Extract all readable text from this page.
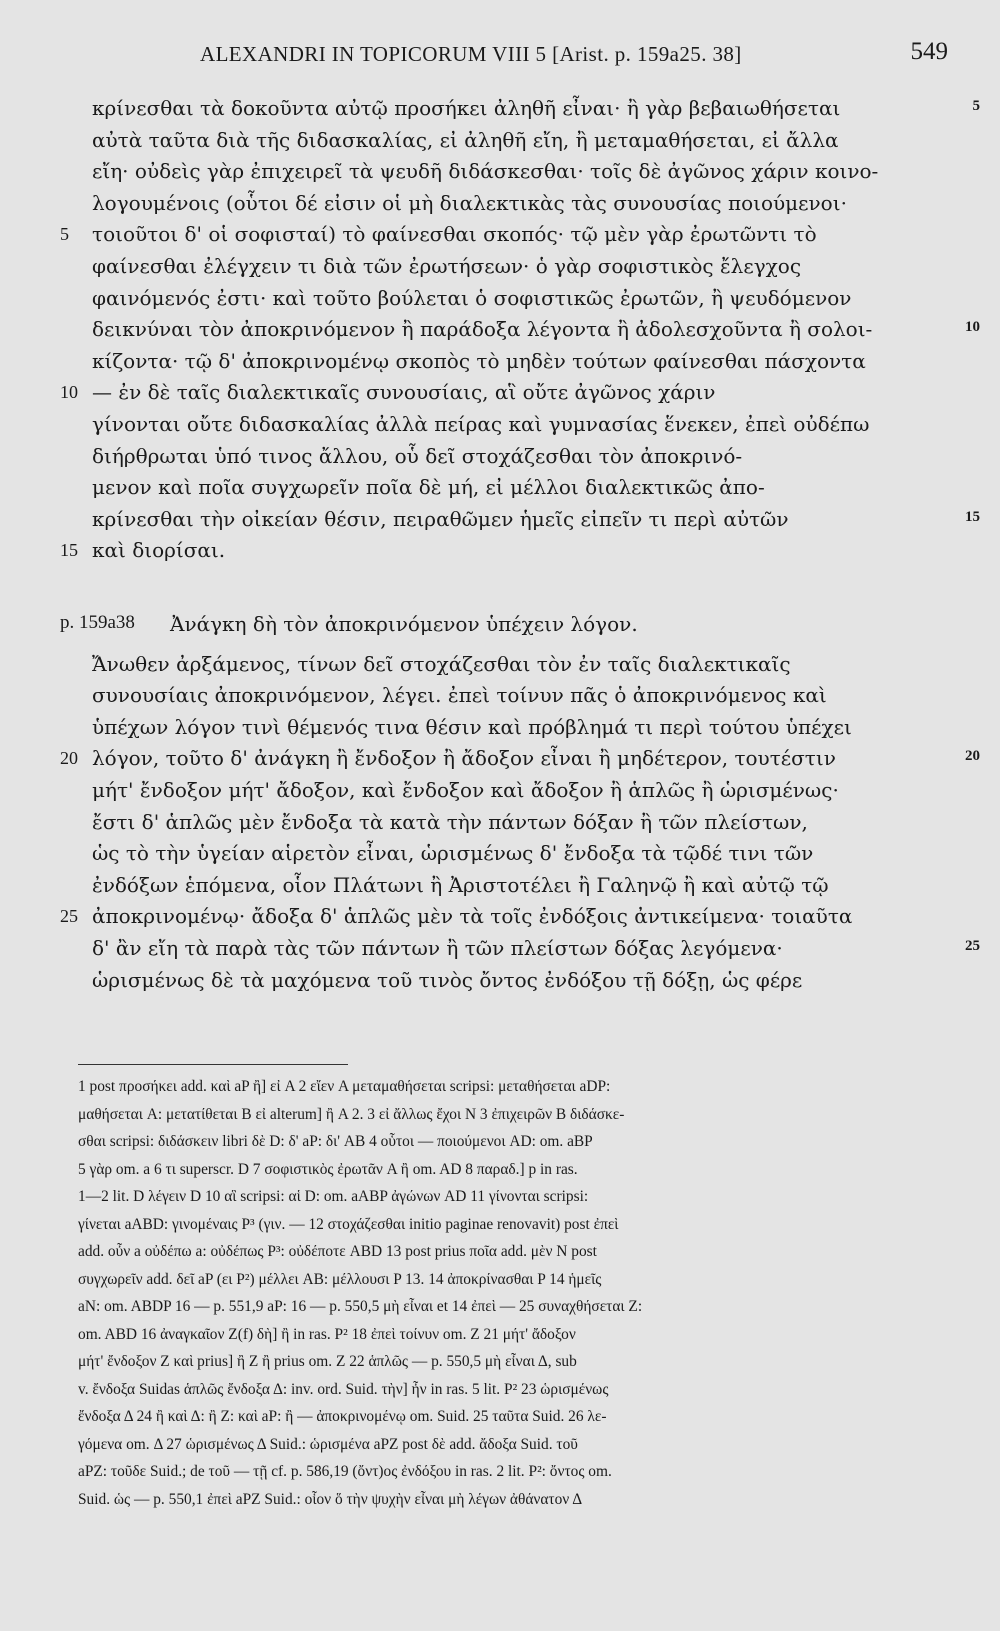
ALEXANDRI IN TOPICORUM VIII 5 [Arist. p. 159a25. 38]	549
κρίνεσθαι τὰ δοκοῦντα αὐτῷ προσήκει ἀληθῆ εἶναι· ἢ γὰρ βεβαιωθήσεται	5
αὐτὰ ταῦτα διὰ τῆς διδασκαλίας, εἰ ἀληθῆ εἴη, ἢ μεταμαθήσεται, εἰ ἄλλα
εἴη· οὐδεὶς γὰρ ἐπιχειρεῖ τὰ ψευδῆ διδάσκεσθαι· τοῖς δὲ ἀγῶνος χάριν κοινο-
λογουμένοις (οὗτοι δέ εἰσιν οἱ μὴ διαλεκτικὰς τὰς συνουσίας ποιούμενοι·
5 τοιοῦτοι δ' οἱ σοφισταί) τὸ φαίνεσθαι σκοπός· τῷ μὲν γὰρ ἐρωτῶντι τὸ
φαίνεσθαι ἐλέγχειν τι διὰ τῶν ἐρωτήσεων· ὁ γὰρ σοφιστικὸς ἔλεγχος
φαινόμενός ἐστι· καὶ τοῦτο βούλεται ὁ σοφιστικῶς ἐρωτῶν, ἢ ψευδόμενον
δεικνύναι τὸν ἀποκρινόμενον ἢ παράδοξα λέγοντα ἢ ἀδολεσχοῦντα ἢ σολοι-	10
κίζοντα· τῷ δ' ἀποκρινομένῳ σκοπὸς τὸ μηδὲν τούτων φαίνεσθαι πάσχοντα
10 — ἐν δὲ ταῖς διαλεκτικαῖς συνουσίαις, αἳ οὔτε ἀγῶνος χάριν
γίνονται οὔτε διδασκαλίας ἀλλὰ πείρας καὶ γυμνασίας ἕνεκεν, ἐπεὶ οὐδέπω
διήρθρωται ὑπό τινος ἄλλου, οὗ δεῖ στοχάζεσθαι τὸν ἀποκρινό-
μενον καὶ ποῖα συγχωρεῖν ποῖα δὲ μή, εἰ μέλλοι διαλεκτικῶς ἀπο-
κρίνεσθαι τὴν οἰκείαν θέσιν, πειραθῶμεν ἡμεῖς εἰπεῖν τι περὶ αὐτῶν	15
15 καὶ διορίσαι.
p. 159a38 Ἀνάγκη δὴ τὸν ἀποκρινόμενον ὑπέχειν λόγον.
Ἄνωθεν ἀρξάμενος, τίνων δεῖ στοχάζεσθαι τὸν ἐν ταῖς διαλεκτικαῖς
συνουσίαις ἀποκρινόμενον, λέγει. ἐπεὶ τοίνυν πᾶς ὁ ἀποκρινόμενος καὶ
ὑπέχων λόγον τινὶ θέμενός τινα θέσιν καὶ πρόβλημά τι περὶ τούτου ὑπέχει
20 λόγον, τοῦτο δ' ἀνάγκη ἢ ἔνδοξον ἢ ἄδοξον εἶναι ἢ μηδέτερον, τουτέστιν	20
μήτ' ἔνδοξον μήτ' ἄδοξον, καὶ ἔνδοξον καὶ ἄδοξον ἢ ἁπλῶς ἢ ὡρισμένως·
ἔστι δ' ἁπλῶς μὲν ἔνδοξα τὰ κατὰ τὴν πάντων δόξαν ἢ τῶν πλείστων,
ὡς τὸ τὴν ὑγείαν αἱρετὸν εἶναι, ὡρισμένως δ' ἔνδοξα τὰ τῷδέ τινι τῶν
ἐνδόξων ἑπόμενα, οἷον Πλάτωνι ἢ Ἀριστοτέλει ἢ Γαληνῷ ἢ καὶ αὐτῷ τῷ
25 ἀποκρινομένῳ· ἄδοξα δ' ἁπλῶς μὲν τὰ τοῖς ἐνδόξοις ἀντικείμενα· τοιαῦτα
δ' ἂν εἴη τὰ παρὰ τὰς τῶν πάντων ἢ τῶν πλείστων δόξας λεγόμενα·	25
ὡρισμένως δὲ τὰ μαχόμενα τοῦ τινὸς ὄντος ἐνδόξου τῇ δόξῃ, ὡς φέρε
1 post προσήκει add. καὶ aP ἢ] εἰ A 2 εἴεν A μεταμαθήσεται scripsi: μεταθήσεται aDP:
μαθήσεται A: μετατίθεται B εἰ alterum] ἢ A 2. 3 εἰ ἄλλως ἔχοι N 3 ἐπιχειρῶν B διδάσκε-
σθαι scripsi: διδάσκειν libri δὲ D: δ' aP: δι' AB 4 οὗτοι — ποιούμενοι AD: om. aBP
5 γὰρ om. a 6 τι superscr. D 7 σοφιστικὸς ἐρωτᾶν A ἢ om. AD 8 παραδ.] p in ras.
1—2 lit. D λέγειν D 10 αἳ scripsi: αἱ D: om. aABP ἀγώνων AD 11 γίνονται scripsi:
γίνεται aABD: γινομέναις P³ (γιν. — 12 στοχάζεσθαι initio paginae renovavit) post ἐπεὶ
add. οὖν a οὐδέπω a: οὐδέπως P³: οὐδέποτε ABD 13 post prius ποῖα add. μὲν N post
συγχωρεῖν add. δεῖ aP (ει P²) μέλλει AB: μέλλουσι P 13. 14 ἀποκρίνασθαι P 14 ἡμεῖς
aN: om. ABDP 16 — p. 551,9 aP: 16 — p. 550,5 μὴ εἶναι et 14 ἐπεὶ — 25 συναχθήσεται Z:
om. ABD 16 ἀναγκαῖον Z(f) δὴ] ἢ in ras. P² 18 ἐπεὶ τοίνυν om. Z 21 μήτ' ἄδοξον
μήτ' ἔνδοξον Z καὶ prius] ἢ Z ἢ prius om. Z 22 ἁπλῶς — p. 550,5 μὴ εἶναι Δ, sub
v. ἔνδοξα Suidas ἁπλῶς ἔνδοξα Δ: inv. ord. Suid. τὴν] ἦν in ras. 5 lit. P² 23 ὡρισμένως
ἔνδοξα Δ 24 ἢ καὶ Δ: ἢ Z: καὶ aP: ἢ — ἀποκρινομένῳ om. Suid. 25 ταῦτα Suid. 26 λε-
γόμενα om. Δ 27 ὡρισμένως Δ Suid.: ὡρισμένα aPZ post δὲ add. ἄδοξα Suid. τοῦ
aPZ: τοῦδε Suid.; de τοῦ — τῇ cf. p. 586,19 (ὄντ)ος ἐνδόξου in ras. 2 lit. P²: ὄντος om.
Suid. ὡς — p. 550,1 ἐπεὶ aPZ Suid.: οἷον ὅ τὴν ψυχὴν εἶναι μὴ λέγων ἀθάνατον Δ
